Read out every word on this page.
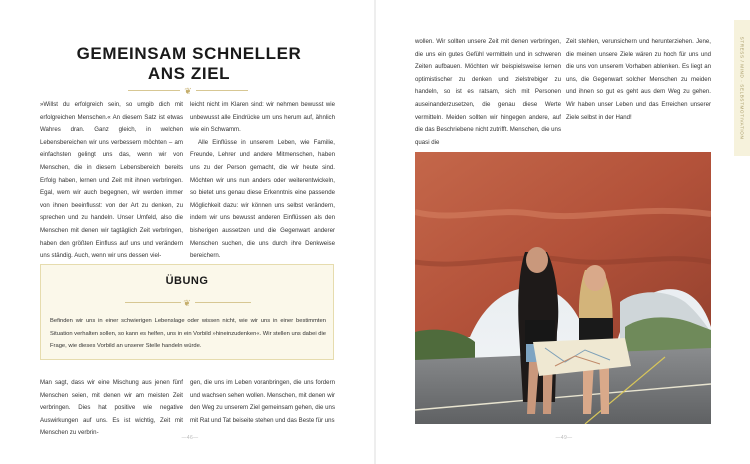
GEMEINSAM SCHNELLER
ANS ZIEL
❦

»Willst du erfolgreich sein, so umgib dich mit erfolgreichen Menschen.« An diesem Satz ist etwas Wahres dran. Ganz gleich, in welchen Lebensbereichen wir uns verbessern möchten – am einfachsten gelingt uns das, wenn wir von Menschen, die in diesem Lebensbereich bereits Erfolg haben, lernen und Zeit mit ihnen verbringen. Egal, wem wir auch begegnen, wir werden immer von ihnen beeinflusst: von der Art zu denken, zu sprechen und zu handeln. Unser Umfeld, also die Menschen mit denen wir tagtäglich Zeit verbringen, haben den größten Einfluss auf uns und verändern uns ständig. Auch, wenn wir uns dessen viel-

leicht nicht im Klaren sind: wir nehmen bewusst wie unbewusst alle Eindrücke um uns herum auf, ähnlich wie ein Schwamm.

Alle Einflüsse in unserem Leben, wie Familie, Freunde, Lehrer und andere Mitmenschen, haben uns zu der Person gemacht, die wir heute sind. Möchten wir uns nun anders oder weiterentwickeln, so bietet uns genau diese Erkenntnis eine passende Möglichkeit dazu: wir können uns selbst verändern, indem wir uns bewusst anderen Einflüssen als den bisherigen aussetzen und die Gegenwart anderer Menschen suchen, die uns durch ihre Denkweise bereichern.

ÜBUNG
❦
Befinden wir uns in einer schwierigen Lebenslage oder wissen nicht, wie wir uns in einer bestimmten Situation verhalten sollen, so kann es helfen, uns in ein Vorbild »hineinzudenken«. Wir stellen uns dabei die Frage, wie dieses Vorbild an unserer Stelle handeln würde.

Man sagt, dass wir eine Mischung aus jenen fünf Menschen seien, mit denen wir am meisten Zeit verbringen. Dies hat positive wie negative Auswirkungen auf uns. Es ist wichtig, Zeit mit Menschen zu verbrin-

gen, die uns im Leben voranbringen, die uns fordern und wachsen sehen wollen. Menschen, mit denen wir den Weg zu unserem Ziel gemeinsam gehen, die uns mit Rat und Tat beiseite stehen und das Beste für uns

—46—

wollen. Wir sollten unsere Zeit mit denen verbringen, die uns ein gutes Gefühl vermitteln und in schweren Zeiten aufbauen. Möchten wir beispielsweise lernen optimistischer zu denken und zielstrebiger zu handeln, so ist es ratsam, sich mit Personen auseinanderzusetzen, die genau diese Werte vermitteln. Meiden sollten wir hingegen andere, auf die das Beschriebene nicht zutrifft. Menschen, die uns quasi die

Zeit stehlen, verunsichern und herunterziehen. Jene, die meinen unsere Ziele wären zu hoch für uns und die uns von unserem Vorhaben ablenken. Es liegt an uns, die Gegenwart solcher Menschen zu meiden und ihnen so gut es geht aus dem Weg zu gehen. Wir haben unser Leben und das Erreichen unserer Ziele selbst in der Hand!	STRESS / MIND · SELBSTMOTIVATION
—49—
